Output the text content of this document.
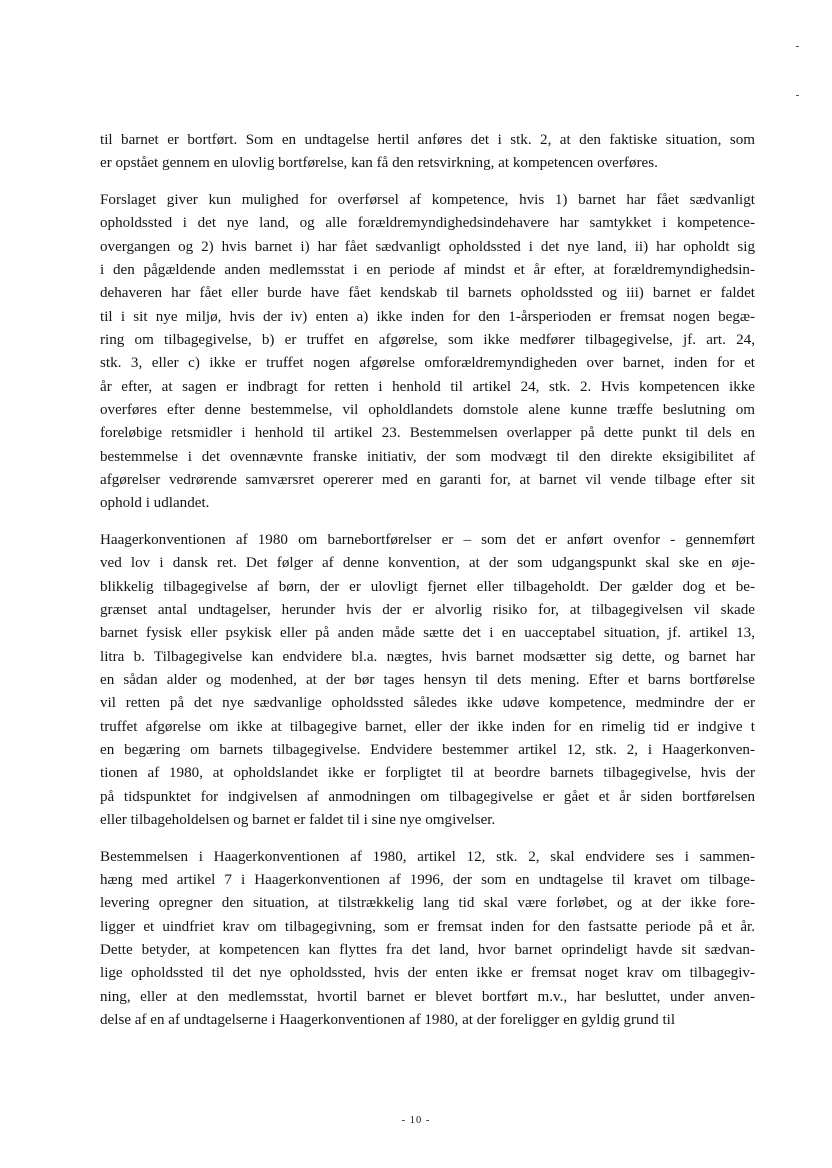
til barnet er bortført. Som en undtagelse hertil anføres det i stk. 2, at den faktiske situation, som
er opstået gennem en ulovlig bortførelse, kan få den retsvirkning, at kompetencen overføres.
Forslaget giver kun mulighed for overførsel af kompetence, hvis 1) barnet har fået sædvanligt
opholdssted i det nye land, og alle forældremyndighedsindehavere har samtykket i kompetence-
overgangen og 2) hvis barnet i) har fået sædvanligt opholdssted i det nye land, ii) har opholdt sig
i den pågældende anden medlemsstat i en periode af mindst et år efter, at forældremyndighedsin-
dehaveren har fået eller burde have fået kendskab til barnets opholdssted og iii) barnet er faldet
til i sit nye miljø, hvis der iv) enten a) ikke inden for den 1-årsperioden er fremsat nogen begæ-
ring om tilbagegivelse, b) er truffet en afgørelse, som ikke medfører tilbagegivelse, jf. art. 24,
stk. 3, eller c) ikke er truffet nogen afgørelse omforældremyndigheden over barnet, inden for et
år efter, at sagen er indbragt for retten i henhold til artikel 24, stk. 2. Hvis kompetencen ikke
overføres efter denne bestemmelse, vil opholdlandets domstole alene kunne træffe beslutning om
foreløbige retsmidler i henhold til artikel 23. Bestemmelsen overlapper på dette punkt til dels en
bestemmelse i det ovennævnte franske initiativ, der som modvægt til den direkte eksigibilitet af
afgørelser vedrørende samværsret opererer med en garanti for, at barnet vil vende tilbage efter sit
ophold i udlandet.
Haagerkonventionen af 1980 om barnebortførelser er – som det er anført ovenfor - gennemført
ved lov i dansk ret. Det følger af denne konvention, at der som udgangspunkt skal ske en øje-
blikkelig tilbagegivelse af børn, der er ulovligt fjernet eller tilbageholdt. Der gælder dog et be-
grænset antal undtagelser, herunder hvis der er alvorlig risiko for, at tilbagegivelsen vil skade
barnet fysisk eller psykisk eller på anden måde sætte det i en uacceptabel situation, jf. artikel 13,
litra b. Tilbagegivelse kan endvidere bl.a. nægtes, hvis barnet modsætter sig dette, og barnet har
en sådan alder og modenhed, at der bør tages hensyn til dets mening. Efter et barns bortførelse
vil retten på det nye sædvanlige opholdssted således ikke udøve kompetence, medmindre der er
truffet afgørelse om ikke at tilbagegive barnet, eller der ikke inden for en rimelig tid er indgive t
en begæring om barnets tilbagegivelse. Endvidere bestemmer artikel 12, stk. 2, i Haagerkonven-
tionen af 1980, at opholdslandet ikke er forpligtet til at beordre barnets tilbagegivelse, hvis der
på tidspunktet for indgivelsen af anmodningen om tilbagegivelse er gået et år siden bortførelsen
eller tilbageholdelsen og barnet er faldet til i sine nye omgivelser.
Bestemmelsen i Haagerkonventionen af 1980, artikel 12, stk. 2, skal endvidere ses i sammen-
hæng med artikel 7 i Haagerkonventionen af 1996, der som en undtagelse til kravet om tilbage-
levering opregner den situation, at tilstrækkelig lang tid skal være forløbet, og at der ikke fore-
ligger et uindfriet krav om tilbagegivning, som er fremsat inden for den fastsatte periode på et år.
Dette betyder, at kompetencen kan flyttes fra det land, hvor barnet oprindeligt havde sit sædvan-
lige opholdssted til det nye opholdssted, hvis der enten ikke er fremsat noget krav om tilbagegiv-
ning, eller at den medlemsstat, hvortil barnet er blevet bortført m.v., har besluttet, under anven-
delse af en af undtagelserne i Haagerkonventionen af 1980, at der foreligger en gyldig grund til
- 10 -
